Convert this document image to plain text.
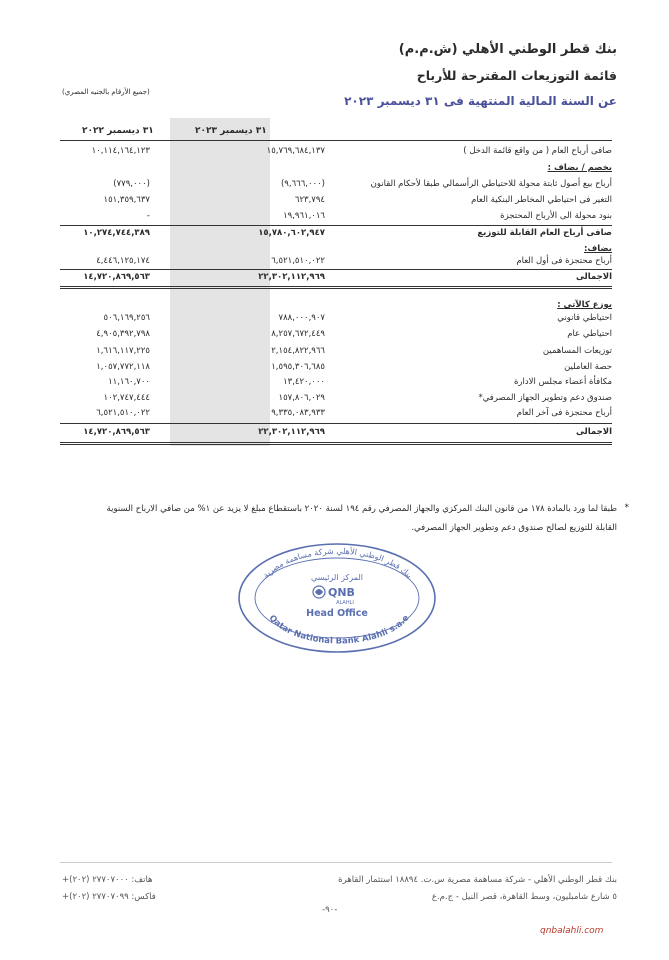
بنك قطر الوطني الأهلي (ش.م.م)
قائمة التوزيعات المقترحة للأرباح
عن السنة المالية المنتهية فى ٣١ ديسمبر ٢٠٢٣
(جميع الأرقام بالجنيه المصري)
٣١ ديسمبر ٢٠٢٣
٣١ ديسمبر ٢٠٢٢
صافى أرباح العام ( من واقع قائمة الدخل )
١٥,٧٦٩,٦٨٤,١٣٧
١٠,١١٤,١٦٤,١٢٣
يخصم / يضاف :
أرباح بيع أصول ثابتة محولة للاحتياطي الرأسمالي طبقا لأحكام القانون
(٩,٦٦٦,٠٠٠)
(٧٧٩,٠٠٠)
التغير فى احتياطي المخاطر البنكية العام
٦٢٣,٧٩٤
١٥١,٣٥٩,٦٣٧
بنود محولة الى الأرباح المحتجزة
١٩,٩٦١,٠١٦
-
صافى أرباح العام القابلة للتوزيع
١٥,٧٨٠,٦٠٢,٩٤٧
١٠,٢٧٤,٧٤٤,٣٨٩
يضاف:
أرباح محتجزة فى أول العام
٦,٥٢١,٥١٠,٠٢٢
٤,٤٤٦,١٢٥,١٧٤
الاجمالى
٢٢,٣٠٢,١١٢,٩٦٩
١٤,٧٢٠,٨٦٩,٥٦٣
يوزع كالآتى :
احتياطي قانوني
٧٨٨,٠٠٠,٩٠٧
٥٠٦,١٦٩,٢٥٦
احتياطي عام
٨,٢٥٧,٦٧٢,٤٤٩
٤,٩٠٥,٣٩٢,٧٩٨
توزيعات المساهمين
٢,١٥٤,٨٢٢,٩٦٦
١,٦١٦,١١٧,٢٢٥
حصة العاملين
١,٥٩٥,٣٠٦,٦٨٥
١,٠٥٧,٧٧٢,١١٨
مكافأة أعضاء مجلس الادارة
١٣,٤٢٠,٠٠٠
١١,١٦٠,٧٠٠
صندوق دعم وتطوير الجهاز المصرفي*
١٥٧,٨٠٦,٠٢٩
١٠٢,٧٤٧,٤٤٤
أرباح محتجزة فى آخر العام
٩,٣٣٥,٠٨٣,٩٣٣
٦,٥٢١,٥١٠,٠٢٢
الاجمالى
٢٢,٣٠٢,١١٢,٩٦٩
١٤,٧٢٠,٨٦٩,٥٦٣
*
طبقا لما ورد بالمادة ١٧٨ من قانون البنك المركزي والجهاز المصرفي رقم ١٩٤ لسنة ٢٠٢٠ باستقطاع مبلغ لا يزيد عن ١% من صافي الارباح السنوية القابلة للتوزيع لصالح صندوق دعم وتطوير الجهاز المصرفي.
بنك قطر الوطني الأهلي شركة مساهمة مصرية
المركز الرئيسي
QNB
ALAHLI
Head Office
Qatar National Bank Alahli s.a.e
بنك قطر الوطني الأهلي - شركة مساهمة مصرية س.ت. ١٨٨٩٤ استثمار القاهرة
٥ شارع شامبليون، وسط القاهرة، قصر النيل - ج.م.ع
هاتف: ٢٧٧٠٧٠٠٠ (٢٠٢)+
فاكس: ٢٧٧٠٧٠٩٩ (٢٠٢)+
-٩٠-
qnbalahli.com
